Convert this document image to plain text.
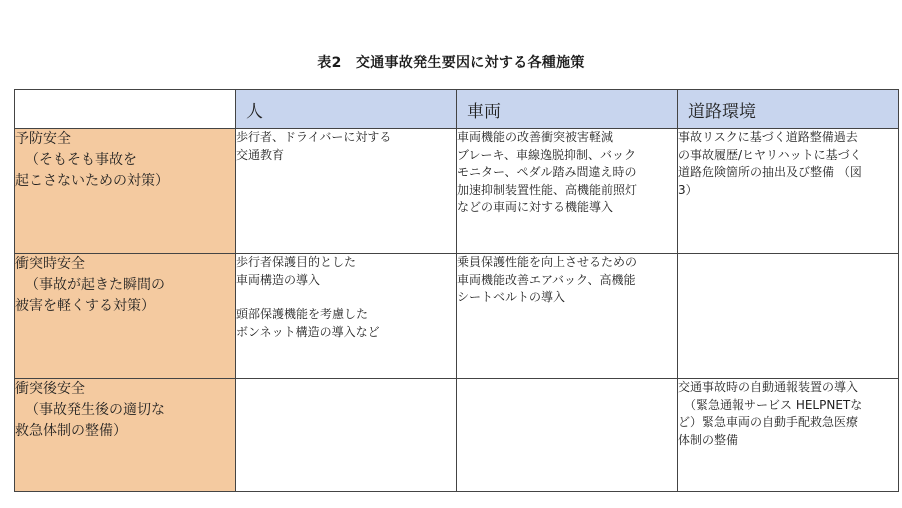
表2　交通事故発生要因に対する各種施策
	人	車両	道路環境

予防安全
（そもそも事故を
起こさないための対策）	歩行者、ドライバーに対する
交通教育	車両機能の改善衝突被害軽減
ブレーキ、車線逸脱抑制、バック
モニター、ペダル踏み間違え時の
加速抑制装置性能、高機能前照灯
などの車両に対する機能導入	事故リスクに基づく道路整備過去
の事故履歴/ヒヤリハットに基づく
道路危険箇所の抽出及び整備 （図
3）

衝突時安全
（事故が起きた瞬間の
被害を軽くする対策）	歩行者保護目的とした
車両構造の導入
頭部保護機能を考慮した
ボンネット構造の導入など	乗員保護性能を向上させるための
車両機能改善エアバック、高機能
シートベルトの導入	

衝突後安全
（事故発生後の適切な
救急体制の整備）			交通事故時の自動通報装置の導入
（緊急通報サービス HELPNETな
ど）緊急車両の自動手配救急医療
体制の整備
